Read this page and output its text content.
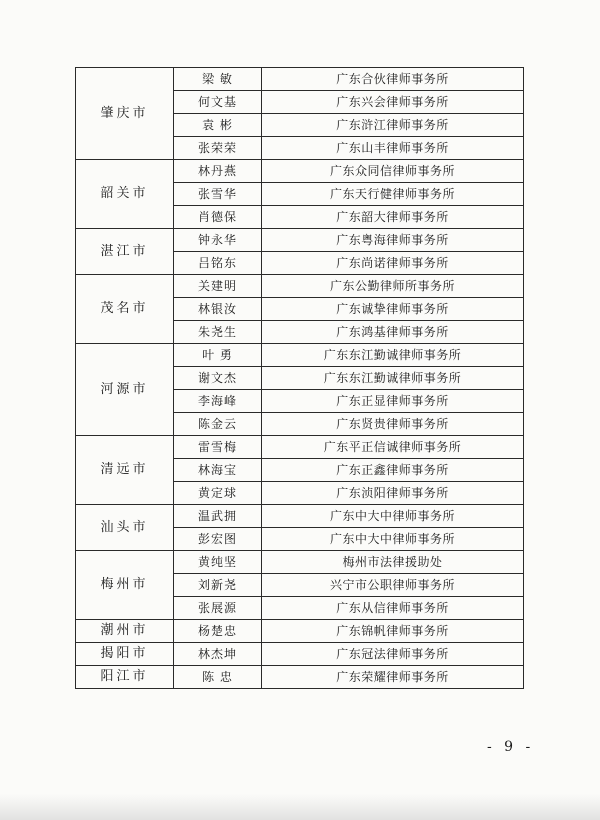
肇庆市	梁 敏	广东合伙律师事务所
	何文基	广东兴会律师事务所
	袁 彬	广东浒江律师事务所
	张荣荣	广东山丰律师事务所
韶关市	林丹燕	广东众同信律师事务所
	张雪华	广东天行健律师事务所
	肖德保	广东韶大律师事务所
湛江市	钟永华	广东粤海律师事务所
	吕铭东	广东尚诺律师事务所
茂名市	关建明	广东公勤律师所事务所
	林银汝	广东诚挚律师事务所
	朱尧生	广东鸿基律师事务所
河源市	叶 勇	广东东江勤诚律师事务所
	谢文杰	广东东江勤诚律师事务所
	李海峰	广东正显律师事务所
	陈金云	广东贤贵律师事务所
清远市	雷雪梅	广东平正信诚律师事务所
	林海宝	广东正鑫律师事务所
	黄定球	广东浈阳律师事务所
汕头市	温武拥	广东中大中律师事务所
	彭宏图	广东中大中律师事务所
梅州市	黄纯坚	梅州市法律援助处
	刘新尧	兴宁市公职律师事务所
	张展源	广东从信律师事务所
潮州市	杨楚忠	广东锦帆律师事务所
揭阳市	林杰坤	广东冠法律师事务所
阳江市	陈 忠	广东荣耀律师事务所
- 9 -
